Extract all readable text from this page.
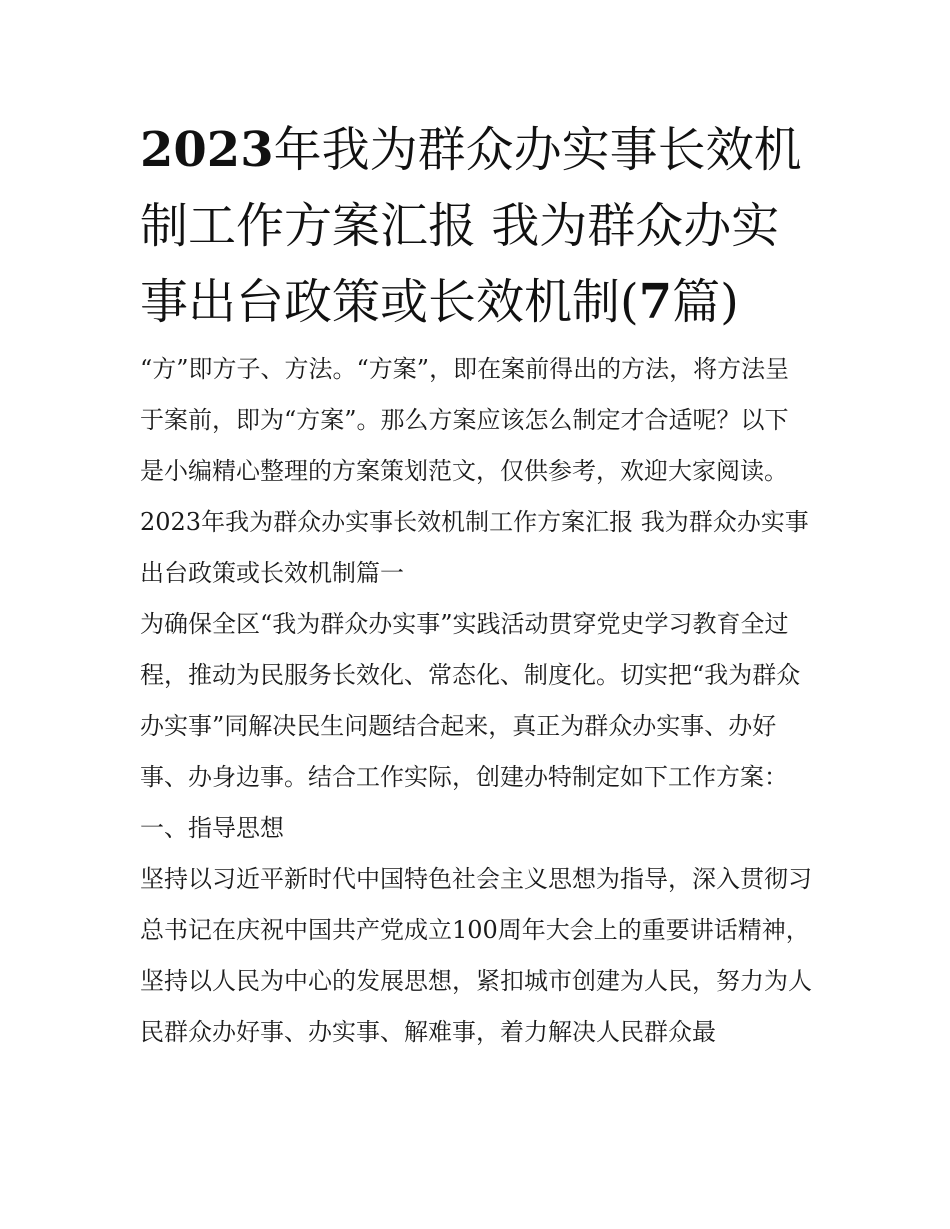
2023年我为群众办实事长效机制工作方案汇报 我为群众办实事出台政策或长效机制(7篇)

“方”即方子、方法。“方案”，即在案前得出的方法，将方法呈于案前，即为“方案”。那么方案应该怎么制定才合适呢？以下是小编精心整理的方案策划范文，仅供参考，欢迎大家阅读。

2023年我为群众办实事长效机制工作方案汇报 我为群众办实事出台政策或长效机制篇一

为确保全区“我为群众办实事”实践活动贯穿党史学习教育全过程，推动为民服务长效化、常态化、制度化。切实把“我为群众办实事”同解决民生问题结合起来，真正为群众办实事、办好事、办身边事。结合工作实际，创建办特制定如下工作方案：

一、指导思想

坚持以习近平新时代中国特色社会主义思想为指导，深入贯彻习总书记在庆祝中国共产党成立100周年大会上的重要讲话精神，坚持以人民为中心的发展思想，紧扣城市创建为人民，努力为人民群众办好事、办实事、解难事，着力解决人民群众最
